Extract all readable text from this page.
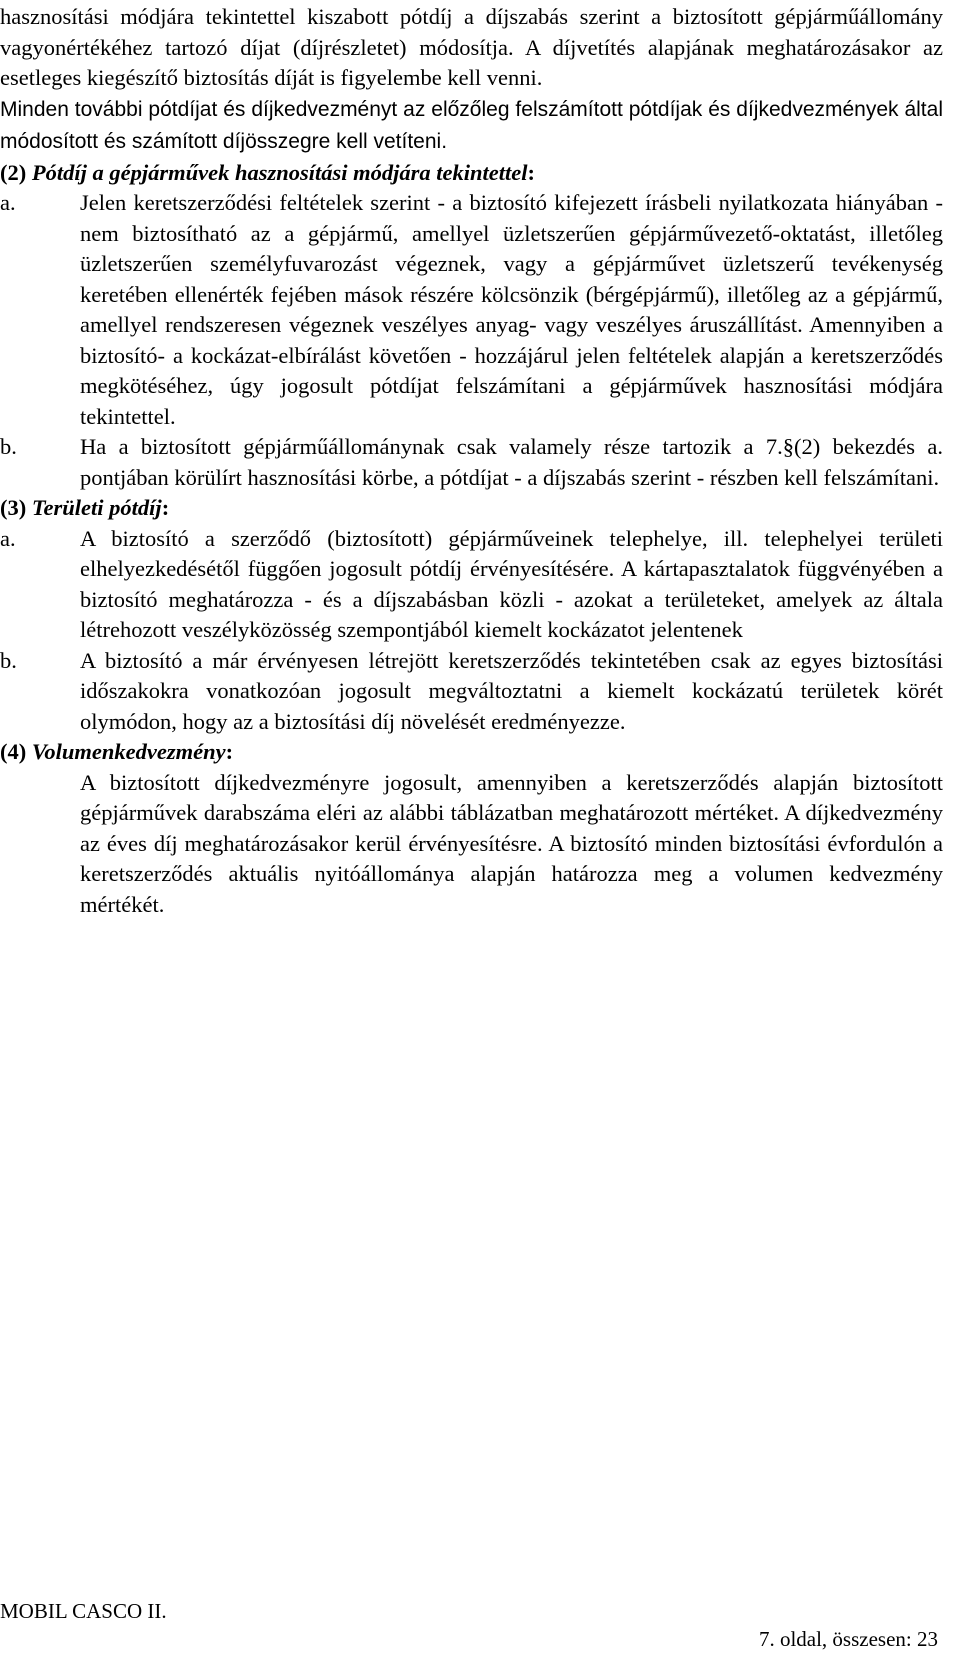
hasznosítási módjára tekintettel kiszabott pótdíj a díjszabás szerint a biztosított gépjárműállomány vagyonértékéhez tartozó díjat (díjrészletet) módosítja. A díjvetítés alapjának meghatározásakor az esetleges kiegészítő biztosítás díját is figyelembe kell venni.

Minden további pótdíjat és díjkedvezményt az előzőleg felszámított pótdíjak és díjkedvezmények által módosított és számított díjösszegre kell vetíteni.

(2) Pótdíj a gépjárművek hasznosítási módjára tekintettel:
a.	Jelen keretszerződési feltételek szerint - a biztosító kifejezett írásbeli nyilatkozata hiányában - nem biztosítható az a gépjármű, amellyel üzletszerűen gépjárművezető-oktatást, illetőleg üzletszerűen személyfuvarozást végeznek, vagy a gépjárművet üzletszerű tevékenység keretében ellenérték fejében mások részére kölcsönzik (bérgépjármű), illetőleg az a gépjármű, amellyel rendszeresen végeznek veszélyes anyag- vagy veszélyes áruszállítást. Amennyiben a biztosító- a kockázat-elbírálást követően - hozzájárul jelen feltételek alapján a keretszerződés megkötéséhez, úgy jogosult pótdíjat felszámítani a gépjárművek hasznosítási módjára tekintettel.
b.	Ha a biztosított gépjárműállománynak csak valamely része tartozik a 7.§(2) bekezdés a. pontjában körülírt hasznosítási körbe, a pótdíjat - a díjszabás szerint - részben kell felszámítani.
(3) Területi pótdíj:
a.	A biztosító a szerződő (biztosított) gépjárműveinek telephelye, ill. telephelyei területi elhelyezkedésétől függően jogosult pótdíj érvényesítésére. A kártapasztalatok függvényében a biztosító meghatározza - és a díjszabásban közli - azokat a területeket, amelyek az általa létrehozott veszélyközösség szempontjából kiemelt kockázatot jelentenek
b.	A biztosító a már érvényesen létrejött keretszerződés tekintetében csak az egyes biztosítási időszakokra vonatkozóan jogosult megváltoztatni a kiemelt kockázatú területek körét olymódon, hogy az a biztosítási díj növelését eredményezze.
(4) Volumenkedvezmény:
A biztosított díjkedvezményre jogosult, amennyiben a keretszerződés alapján biztosított gépjárművek darabszáma eléri az alábbi táblázatban meghatározott mértéket. A díjkedvezmény az éves díj meghatározásakor kerül érvényesítésre. A biztosító minden biztosítási évfordulón a keretszerződés aktuális nyitóállománya alapján határozza meg a volumen kedvezmény mértékét.
MOBIL CASCO II.
7. oldal, összesen: 23
